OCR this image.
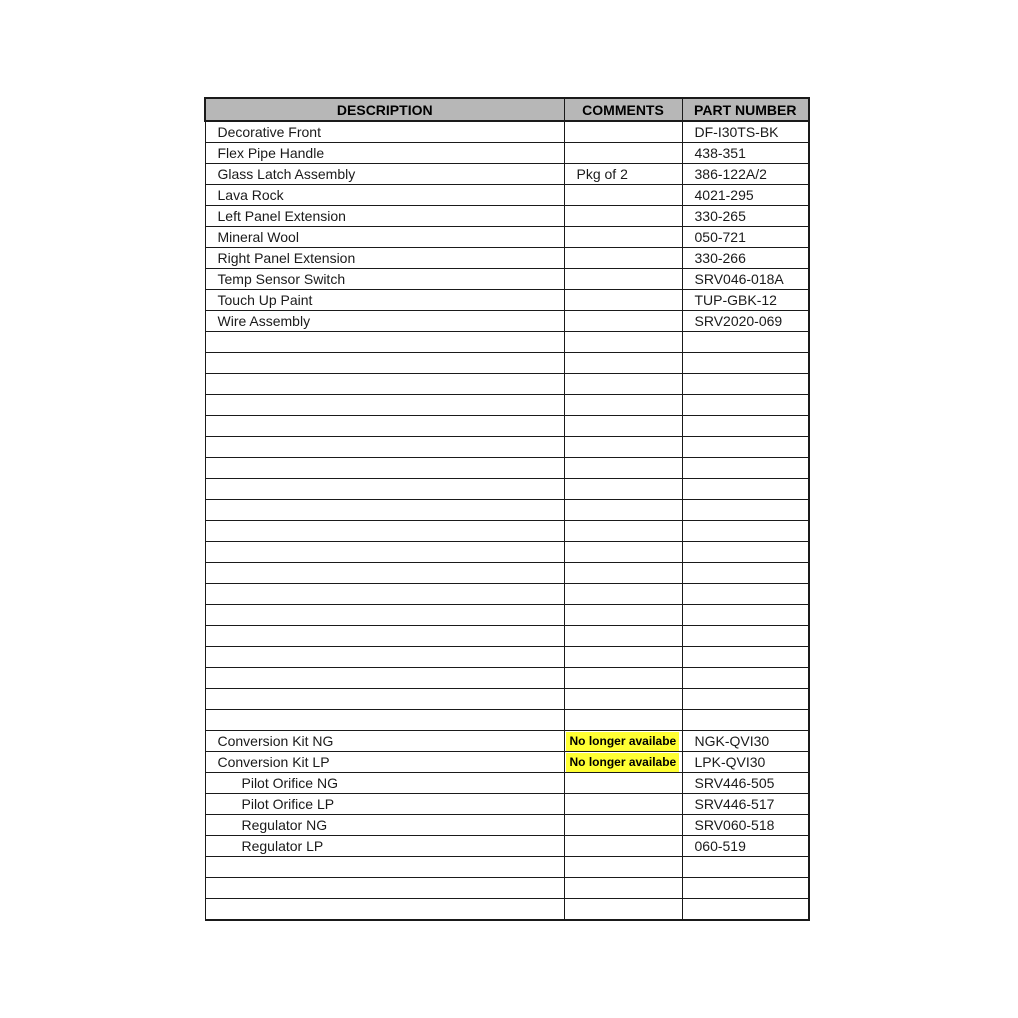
DESCRIPTION	COMMENTS	PART NUMBER
Decorative Front		DF-I30TS-BK
Flex Pipe Handle		438-351
Glass Latch Assembly	Pkg of 2	386-122A/2
Lava Rock		4021-295
Left Panel Extension		330-265
Mineral Wool		050-721
Right Panel Extension		330-266
Temp Sensor Switch		SRV046-018A
Touch Up Paint		TUP-GBK-12
Wire Assembly		SRV2020-069

Conversion Kit NG	No longer availabe	NGK-QVI30
Conversion Kit LP	No longer availabe	LPK-QVI30
Pilot Orifice NG		SRV446-505
Pilot Orifice LP		SRV446-517
Regulator NG		SRV060-518
Regulator LP		060-519
